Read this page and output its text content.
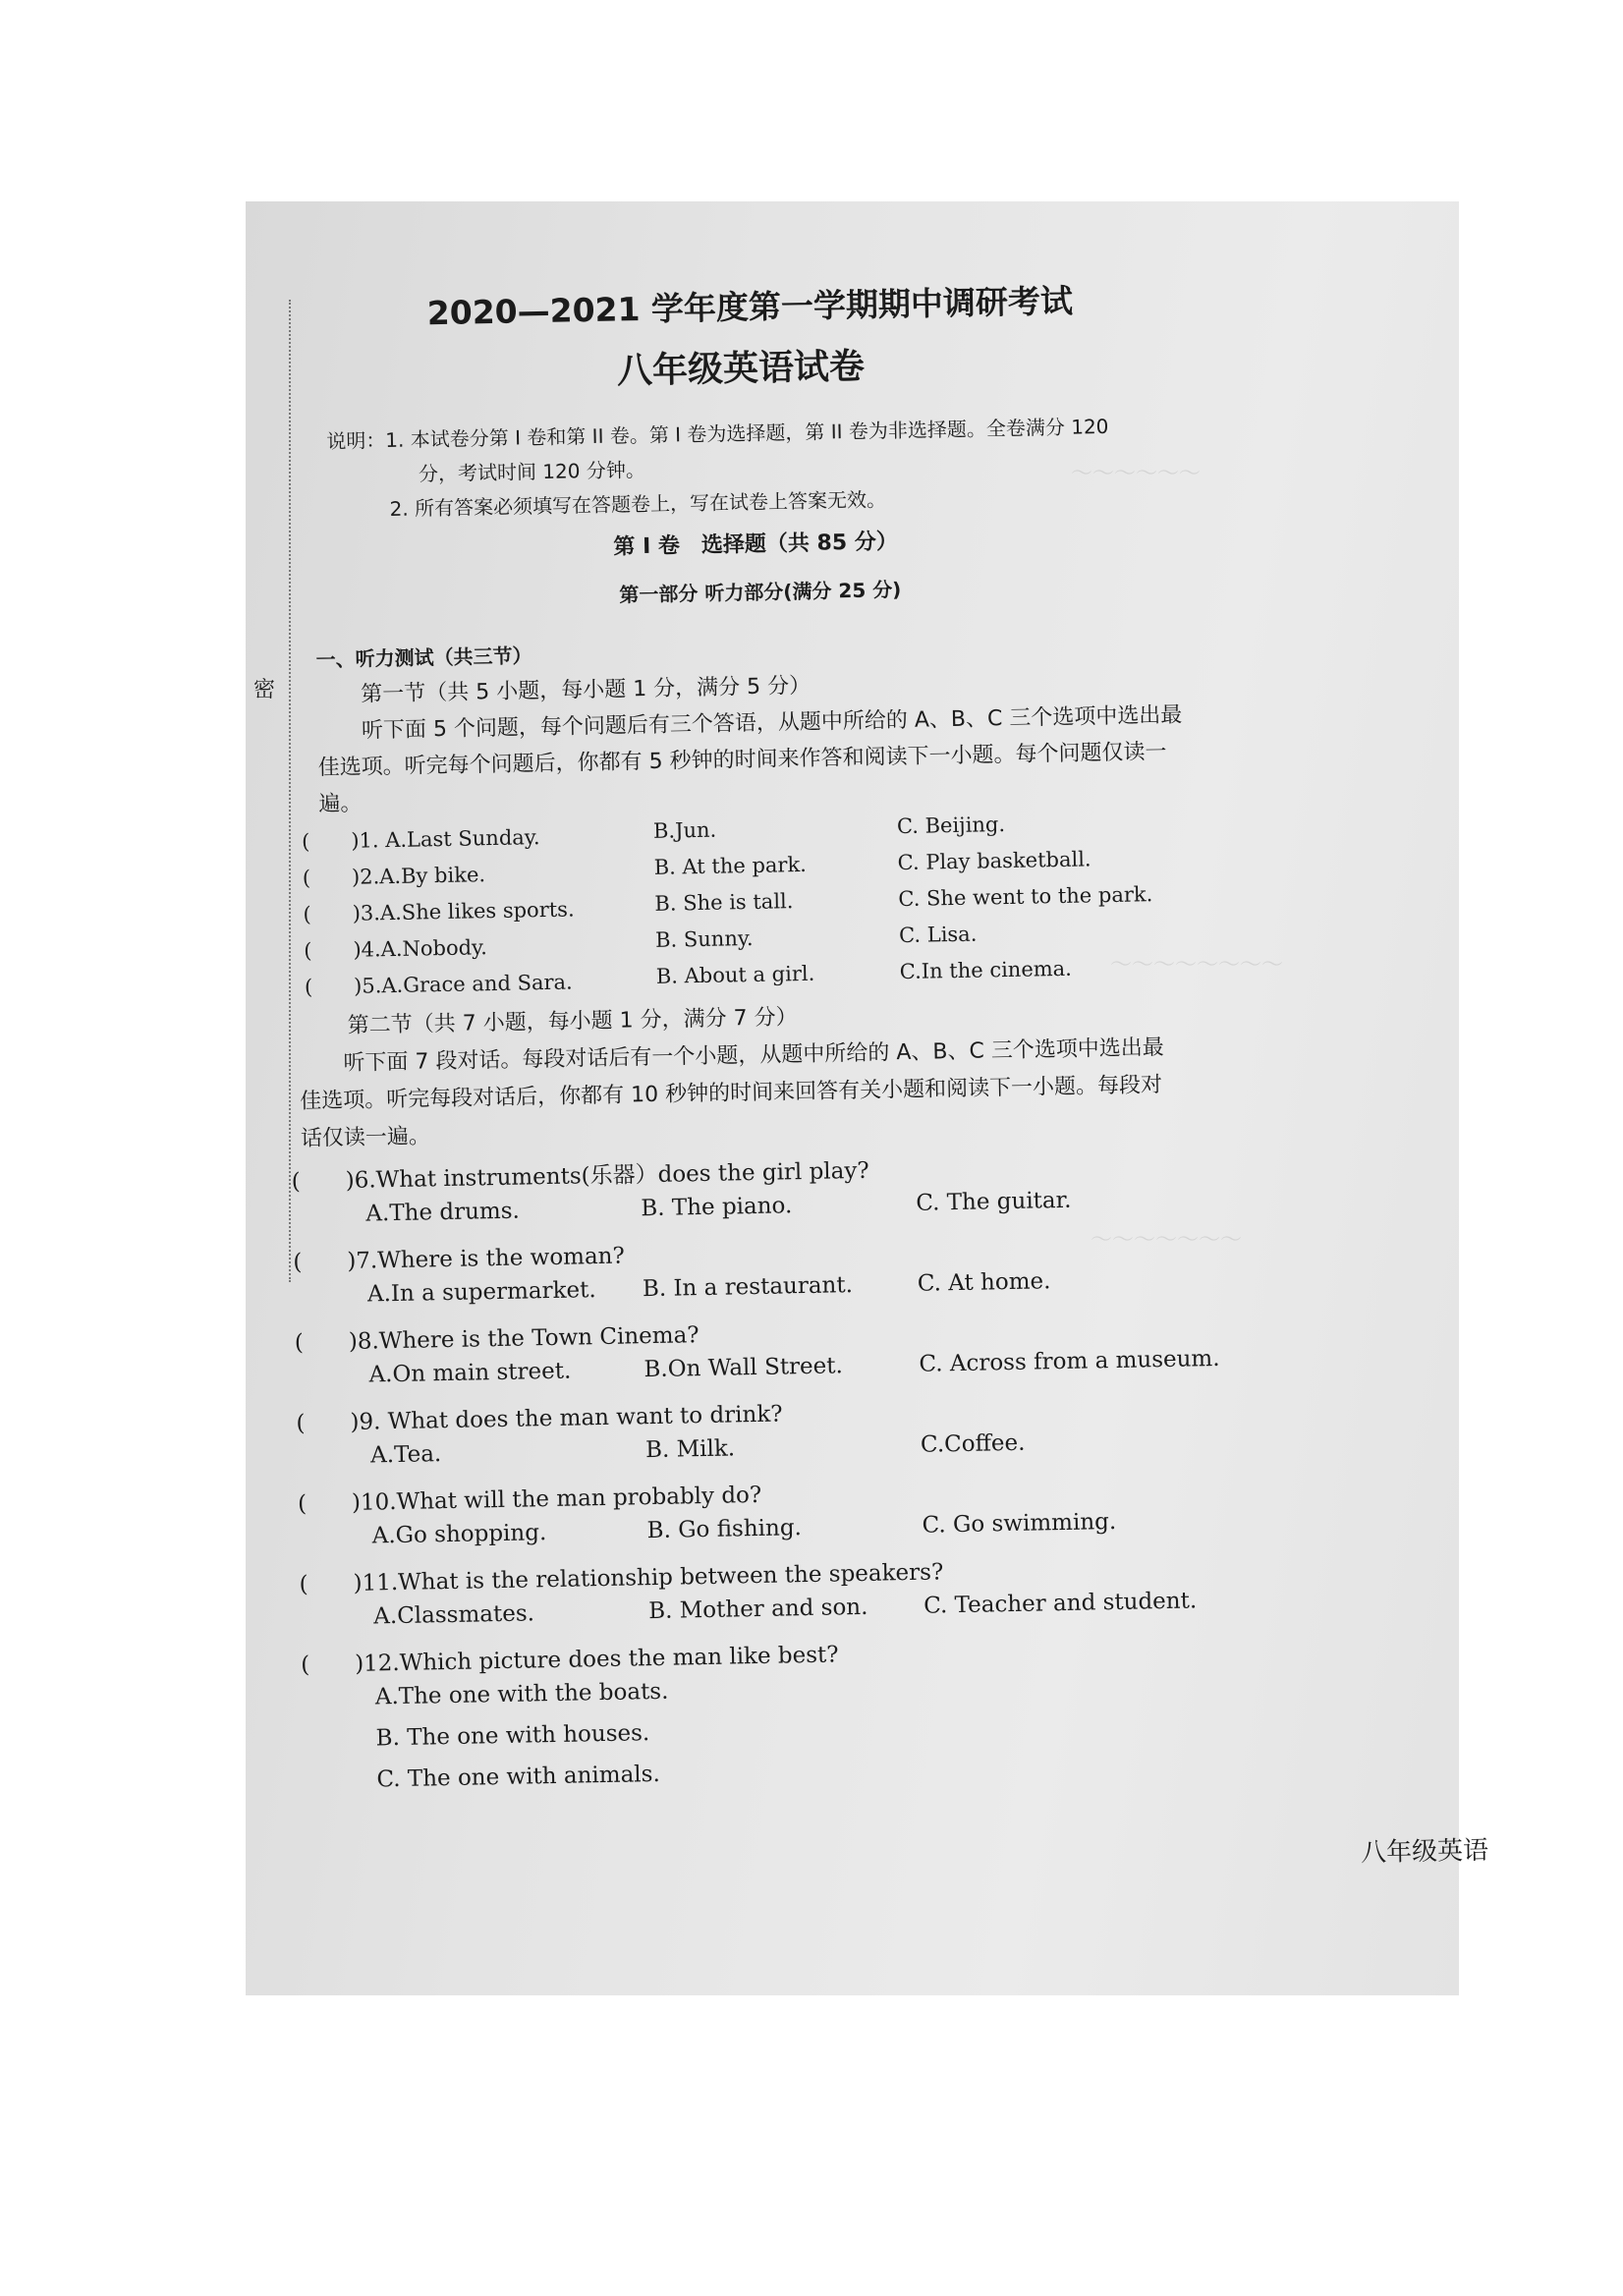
密
～～～～～～
～～～～～～～～
～～～～～～～
2020—2021 学年度第一学期期中调研考试
八年级英语试卷
说明：1. 本试卷分第 I 卷和第 II 卷。第 I 卷为选择题，第 II 卷为非选择题。全卷满分 120
分，考试时间 120 分钟。
2. 所有答案必须填写在答题卷上，写在试卷上答案无效。
第 I 卷　选择题（共 85 分）
第一部分 听力部分(满分 25 分)
一、听力测试（共三节）
第一节（共 5 小题，每小题 1 分，满分 5 分）
听下面 5 个问题，每个问题后有三个答语，从题中所给的 A、B、C 三个选项中选出最
佳选项。听完每个问题后，你都有 5 秒钟的时间来作答和阅读下一小题。每个问题仅读一
遍。
(　　)1. A.Last Sunday.	B.Jun.	C. Beijing.
(　　)2.A.By bike.	B. At the park.	C. Play basketball.
(　　)3.A.She likes sports.	B. She is tall.	C. She went to the park.
(　　)4.A.Nobody.	B. Sunny.	C. Lisa.
(　　)5.A.Grace and Sara.	B. About a girl.	C.In the cinema.
第二节（共 7 小题，每小题 1 分，满分 7 分）
听下面 7 段对话。每段对话后有一个小题，从题中所给的 A、B、C 三个选项中选出最
佳选项。听完每段对话后，你都有 10 秒钟的时间来回答有关小题和阅读下一小题。每段对
话仅读一遍。
(　　)6.What instruments(乐器）does the girl play?
A.The drums.	B. The piano.	C. The guitar.
(　　)7.Where is the woman?
A.In a supermarket. B. In a restaurant.	C. At home.
(　　)8.Where is the Town Cinema?
A.On main street.	B.On Wall Street.	C. Across from a museum.
(　　)9. What does the man want to drink?
A.Tea.	B. Milk.	C.Coffee.
(　　)10.What will the man probably do?
A.Go shopping.	B. Go fishing.	C. Go swimming.
(　　)11.What is the relationship between the speakers?
A.Classmates.	B. Mother and son. C. Teacher and student.
(　　)12.Which picture does the man like best?
A.The one with the boats.
B. The one with houses.
C. The one with animals.
八年级英语
